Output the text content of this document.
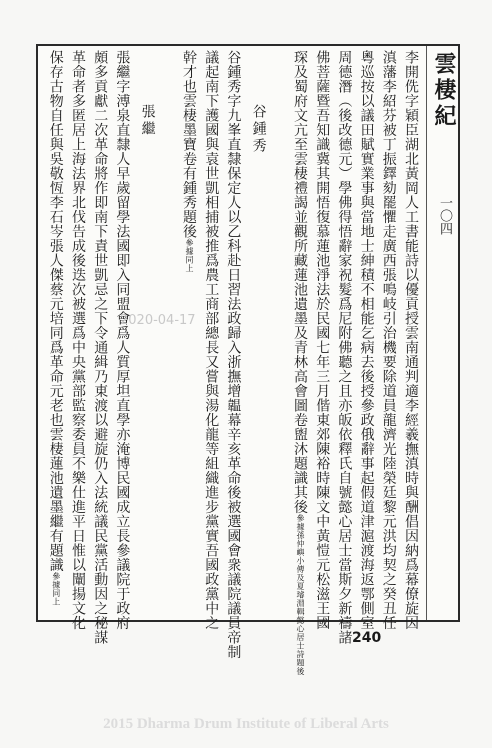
雲棲紀
一〇四
李開侁字穎臣湖北黃岡人工書能詩以優貢授雲南通判適李經羲撫滇時與酬倡因納爲幕僚旋因
滇藩李紹芬被丁振鐸劾罷懼走廣西張鳴岐引治機要除道員龍濟光陸榮廷黎元洪均契之癸丑任
粵巡按以議田賦實業事與當地士紳積不相能乞病去後授參政俄辭事起假道津滬渡海返鄂側室
周德潛（後改德元）學佛得悟辭家祝髮爲尼附佛聽之且亦皈依釋氏自號懿心居士當斯夕新禱諸
佛菩薩暨吾知識冀其開悟復慕蓮池淨法於民國七年三月偕東郊陳裕時陳文中黃愷元松滋王國
琛及蜀府文亢至雲棲禮謁並觀所藏蓮池遺墨及青林高會圖卷盥沐題識其後參據孫仲嶼小傳及夏璿淵輯懿心居士詩題後
谷鍾秀
谷鍾秀字九峯直隸保定人以乙科赴日習法政歸入浙撫增韞幕辛亥革命後被選國會衆議院議員帝制
議起南下護國與袁世凱相捕被推爲農工商部總長又嘗與湯化龍等組織進步黨實吾國政黨中之
幹才也雲棲墨寶卷有鍾秀題後參據同上
張繼
張繼字溥泉直隸人早歲留學法國即入同盟會爲人質厚坦直學亦淹博民國成立長參議院于政府
頗多貢獻二次革命將作即南下責世凱忌之下令通緝乃東渡以避旋仍入法統議民黨活動因之秘謀
革命者多匿居上海法界北伐告成後迭次被選爲中央黨部監察委員不樂仕進平日惟以闡揚文化
保存古物自任與吳敬恆李石岑張人傑蔡元培同爲革命元老也雲棲蓮池遺墨繼有題識參據同上
2020-04-17
240
2015 Dharma Drum Institute of Liberal Arts
